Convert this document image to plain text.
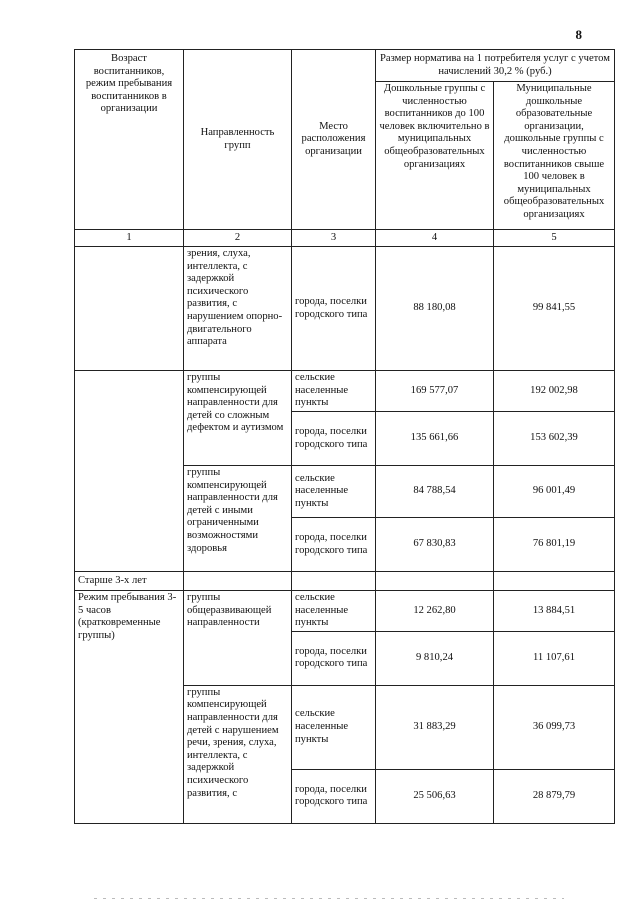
8
Возраст воспитанников, режим пребывания воспитанников в организации	Направленность групп	Место расположения организации	Размер норматива на 1 потребителя услуг с учетом начислений 30,2 % (руб.)	
			Дошкольные группы с численностью воспитанников до 100 человек включительно в муниципальных общеобразовательных организациях	Муниципальные дошкольные образовательные организации, дошкольные группы с численностью воспитанников свыше 100 человек в муниципальных общеобразовательных организациях
1	2	3	4	5
	зрения, слуха, интеллекта, с задержкой психического развития, с нарушением опорно-двигательного аппарата	города, поселки городского типа	88 180,08	99 841,55
	группы компенсирующей направленности для детей со сложным дефектом и аутизмом	сельские населенные пункты	169 577,07	192 002,98
		города, поселки городского типа	135 661,66	153 602,39
	группы компенсирующей направленности для детей с иными ограниченными возможностями здоровья	сельские населенные пункты	84 788,54	96 001,49
		города, поселки городского типа	67 830,83	76 801,19
Старше 3-х лет				
Режим пребывания 3-5 часов (кратковременные группы)	группы общеразвивающей направленности	сельские населенные пункты	12 262,80	13 884,51
		города, поселки городского типа	9 810,24	11 107,61
	группы компенсирующей направленности для детей с нарушением речи, зрения, слуха, интеллекта, с задержкой психического развития, с	сельские населенные пункты	31 883,29	36 099,73
		города, поселки городского типа	25 506,63	28 879,79
